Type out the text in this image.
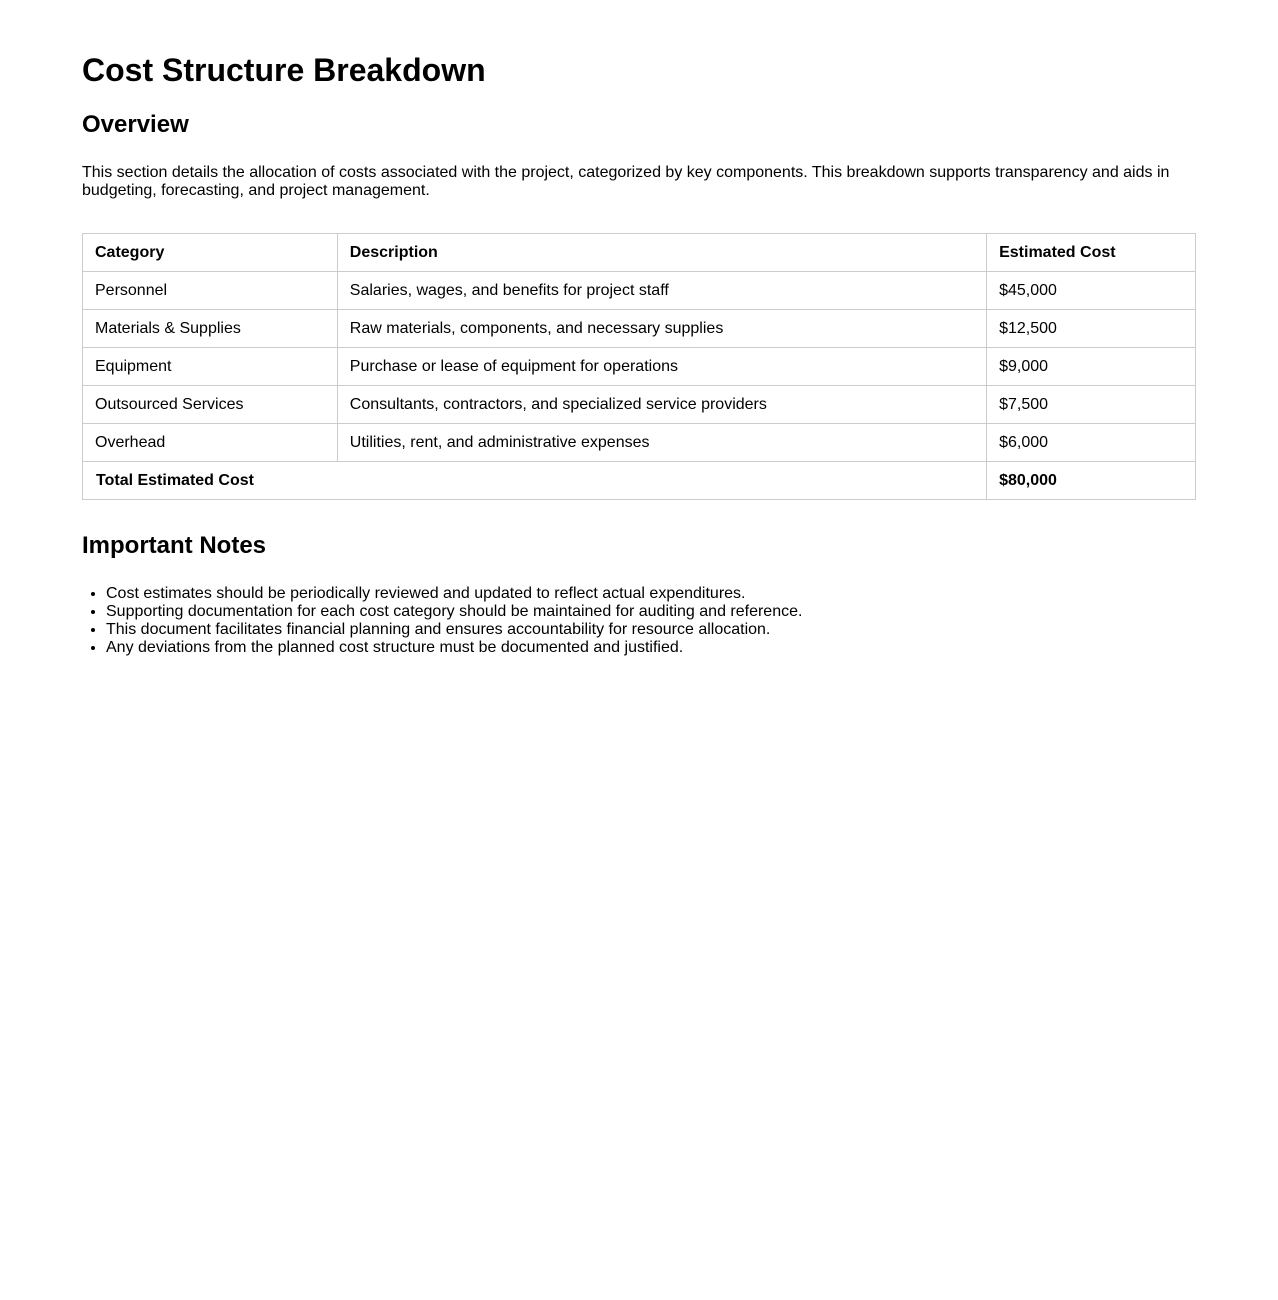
Cost Structure Breakdown
Overview

This section details the allocation of costs associated with the project, categorized by key components. This breakdown supports transparency and aids in budgeting, forecasting, and project management.

Category	Description	Estimated Cost
Personnel	Salaries, wages, and benefits for project staff	$45,000
Materials & Supplies	Raw materials, components, and necessary supplies	$12,500
Equipment	Purchase or lease of equipment for operations	$9,000
Outsourced Services	Consultants, contractors, and specialized service providers	$7,500
Overhead	Utilities, rent, and administrative expenses	$6,000
Total Estimated Cost		$80,000
Important Notes
• Cost estimates should be periodically reviewed and updated to reflect actual expenditures.
• Supporting documentation for each cost category should be maintained for auditing and reference.
• This document facilitates financial planning and ensures accountability for resource allocation.
• Any deviations from the planned cost structure must be documented and justified.
